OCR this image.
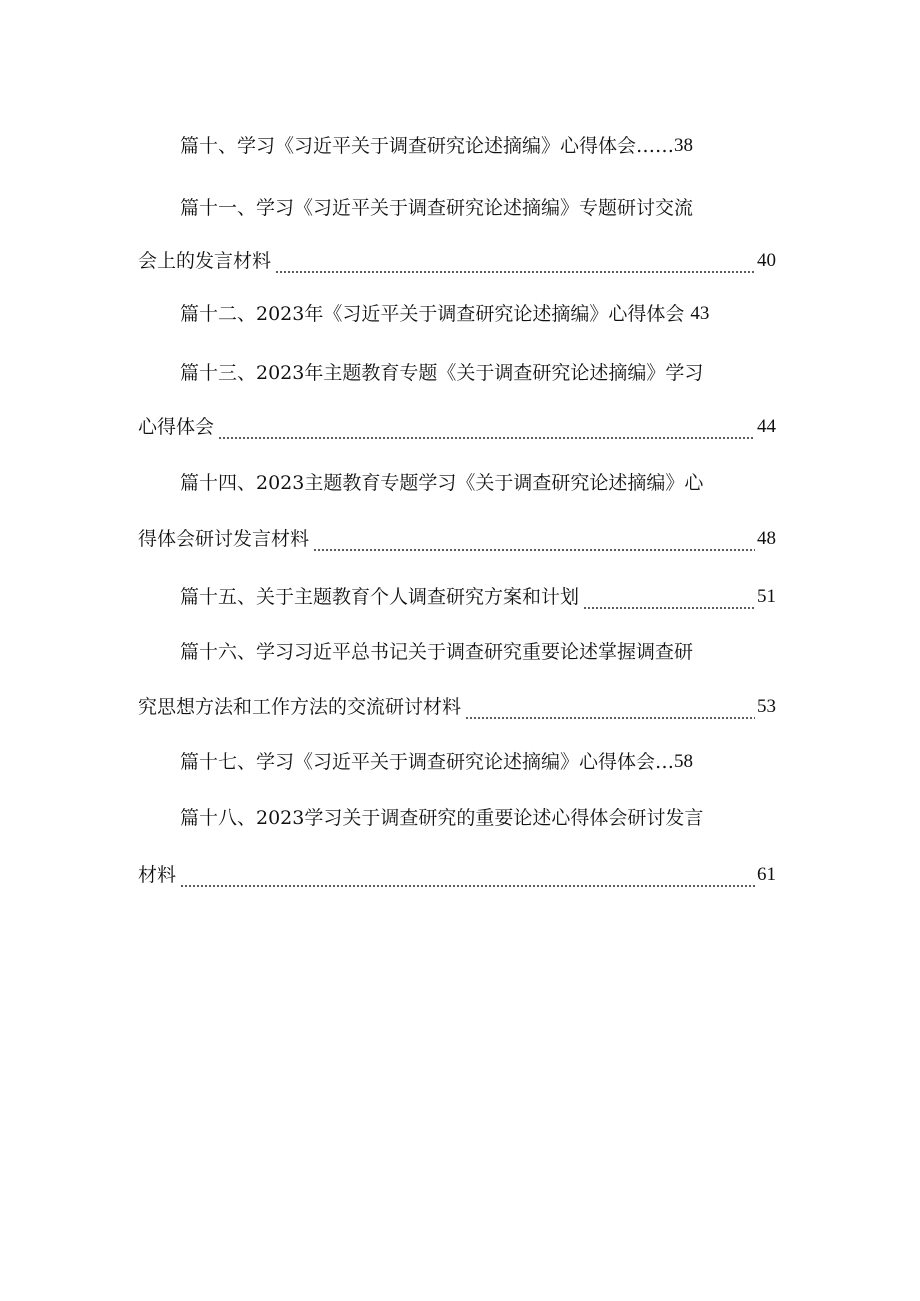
篇十、学习《习近平关于调查研究论述摘编》心得体会 …… 38
篇十一、学习《习近平关于调查研究论述摘编》专题研讨交流
会上的发言材料	40
篇十二、2023年《习近平关于调查研究论述摘编》心得体会 43
篇十三、2023年主题教育专题《关于调查研究论述摘编》学习
心得体会	44
篇十四、2023主题教育专题学习《关于调查研究论述摘编》心
得体会研讨发言材料	48
篇十五、关于主题教育个人调查研究方案和计划	51
篇十六、学习习近平总书记关于调查研究重要论述掌握调查研
究思想方法和工作方法的交流研讨材料	53
篇十七、学习《习近平关于调查研究论述摘编》心得体会 … 58
篇十八、2023学习关于调查研究的重要论述心得体会研讨发言
材料	61
